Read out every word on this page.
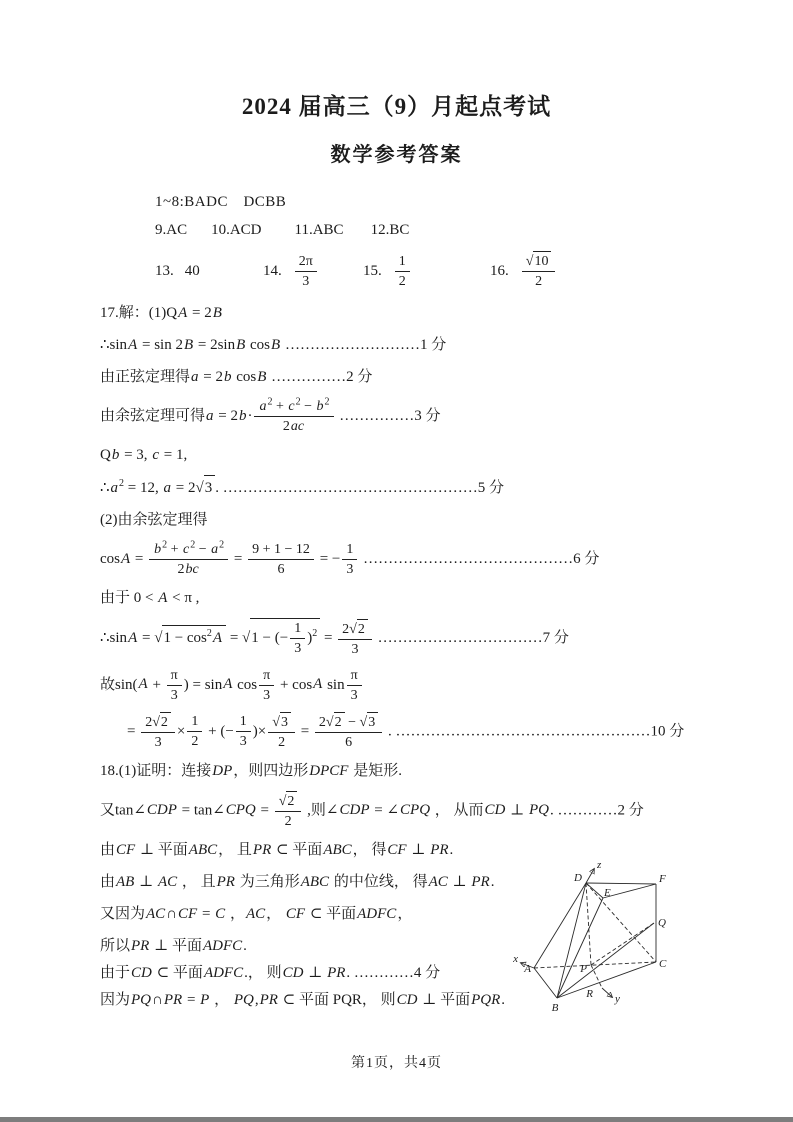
2024 届高三（9）月起点考试
数学参考答案
1~8:BADC　DCBB
9.AC 10.ACD 11.ABC 12.BC
13. 40	14. $\frac{2\pi}{3}$	15. $\frac{1}{2}$	16. $\frac{√10}{2}$
17.解：(1)QA = 2B
∴sinA = sin 2B = 2sinB cosB ………………………1 分
由正弦定理得a = 2b cosB ……………2 分
由余弦定理可得$a = 2b\cdot \frac{a^2 + c^2 - b^2}{2ac}$ ……………3 分
Qb = 3, c = 1,
$\therefore a^2 = 12$, a = 2√3 . ……………………………………………5 分
(2)由余弦定理得
$\cos A = \frac{b^2 + c^2 - a^2}{2bc} = \frac{9 + 1 - 12}{6}$ = − $\frac{1}{3}$ ……………………………………6 分
由于 0 < A < π ,
∴sinA = $√1 - \cos^2A = √1$ − (− $\frac{1}{3} )^2 = \frac{2√2}{3}$ ……………………………7 分
故$\sin(A + \frac{\pi}{3}$ ) = sinA $\cos \frac{\pi}{3} + \cos A$ $\sin \frac{\pi}{3}$
= $\frac{2√2}{3} \times \frac{1}{2}$ + (− $\frac{1}{3}$ )× $\frac{√3}{2} = \frac{2√2 - √3}{6}$ . ……………………………………………10 分
18.(1)证明：连接DP，则四边形DPCF 是矩形.
又tan∠CDP = tan∠CPQ = $\frac{√2}{2}$ ,则∠CDP = ∠CPQ ， 从而CD ⊥ PQ. …………2 分
由CF ⊥ 平面ABC， 且PR ⊂ 平面ABC， 得CF ⊥ PR.
由AB ⊥ AC ， 且PR 为三角形ABC 的中位线， 得AC ⊥ PR.
又因为AC∩CF = C ，AC， CF ⊂ 平面ADFC，
所以PR ⊥ 平面ADFC.
由于CD ⊂ 平面ADFC.， 则CD ⊥ PR. …………4 分
因为PQ∩PR = P ， PQ,PR ⊂ 平面 PQR， 则CD ⊥ 平面PQR.
D	F
E
Q
C
A	P
B
R
x
y
z
第1页，共4页
